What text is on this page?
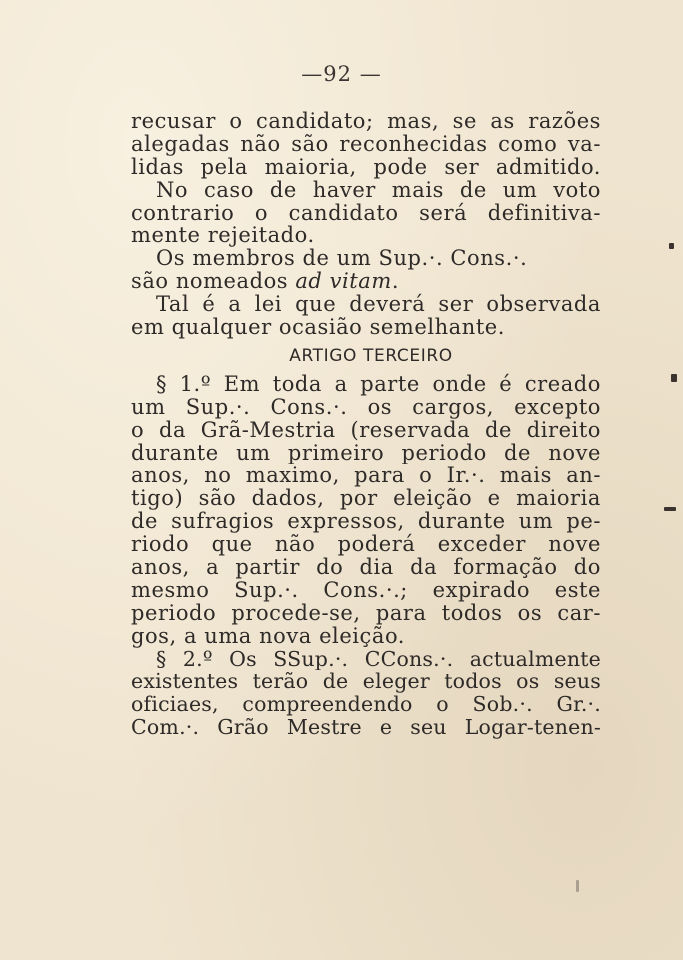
—92 —
recusar o candidato; mas, se as razões
alegadas não são reconhecidas como va-
lidas pela maioria, pode ser admitido.
No caso de haver mais de um voto
contrario o candidato será definitiva-
mente rejeitado.
Os membros de um Sup.·. Cons.·.
são nomeados ad vitam.
Tal é a lei que deverá ser observada
em qualquer ocasião semelhante.
ARTIGO TERCEIRO
§ 1.º Em toda a parte onde é creado
um Sup.·. Cons.·. os cargos, excepto
o da Grã-Mestria (reservada de direito
durante um primeiro periodo de nove
anos, no maximo, para o Ir.·. mais an-
tigo) são dados, por eleição e maioria
de sufragios expressos, durante um pe-
riodo que não poderá exceder nove
anos, a partir do dia da formação do
mesmo Sup.·. Cons.·.; expirado este
periodo procede-se, para todos os car-
gos, a uma nova eleição.
§ 2.º Os SSup.·. CCons.·. actualmente
existentes terão de eleger todos os seus
oficiaes, compreendendo o Sob.·. Gr.·.
Com.·. Grão Mestre e seu Logar-tenen-
